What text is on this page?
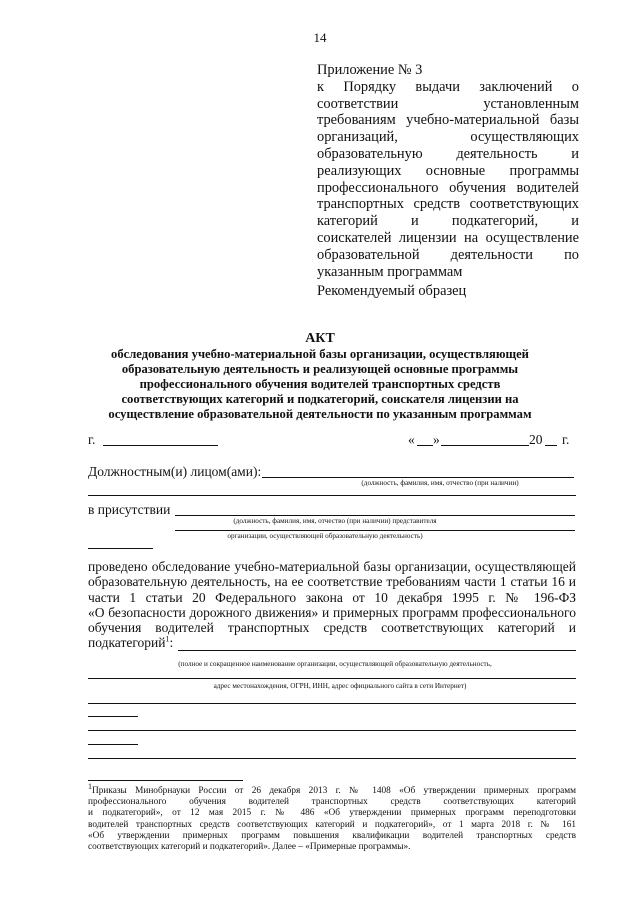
14
Приложение № 3
к Порядку выдачи заключений о
соответствии установленным
требованиям учебно-материальной базы
организаций, осуществляющих
образовательную деятельность и
реализующих основные программы
профессионального обучения водителей
транспортных средств соответствующих
категорий и подкатегорий, и
соискателей лицензии на осуществление
образовательной деятельности по
указанным программам
Рекомендуемый образец
АКТ
обследования учебно-материальной базы организации, осуществляющей
образовательную деятельность и реализующей основные программы
профессионального обучения водителей транспортных средств
соответствующих категорий и подкатегорий, соискателя лицензии на
осуществление образовательной деятельности по указанным программам
г.	« »	20 г.
Должностным(и) лицом(ами):
(должность, фамилия, имя, отчество (при наличии)
в присутствии
(должность, фамилия, имя, отчество (при наличии) представителя
организации, осуществляющей образовательную деятельность)
проведено обследование учебно-материальной базы организации, осуществляющей
образовательную деятельность, на ее соответствие требованиям части 1 статьи 16 и
части 1 статьи 20 Федерального закона от 10 декабря 1995 г. № 196-ФЗ
«О безопасности дорожного движения» и примерных программ профессионального
обучения водителей транспортных средств соответствующих категорий и
подкатегорий$^1$:
(полное и сокращенное наименование организации, осуществляющей образовательную деятельность,
адрес местонахождения, ОГРН, ИНН, адрес официального сайта в сети Интернет)
$^1$Приказы Минобрнауки России от 26 декабря 2013 г. № 1408 «Об утверждении примерных программ
профессионального обучения водителей транспортных средств соответствующих категорий
и подкатегорий», от 12 мая 2015 г. № 486 «Об утверждении примерных программ переподготовки
водителей транспортных средств соответствующих категорий и подкатегорий», от 1 марта 2018 г. № 161
«Об утверждении примерных программ повышения квалификации водителей транспортных средств
соответствующих категорий и подкатегорий». Далее – «Примерные программы».
